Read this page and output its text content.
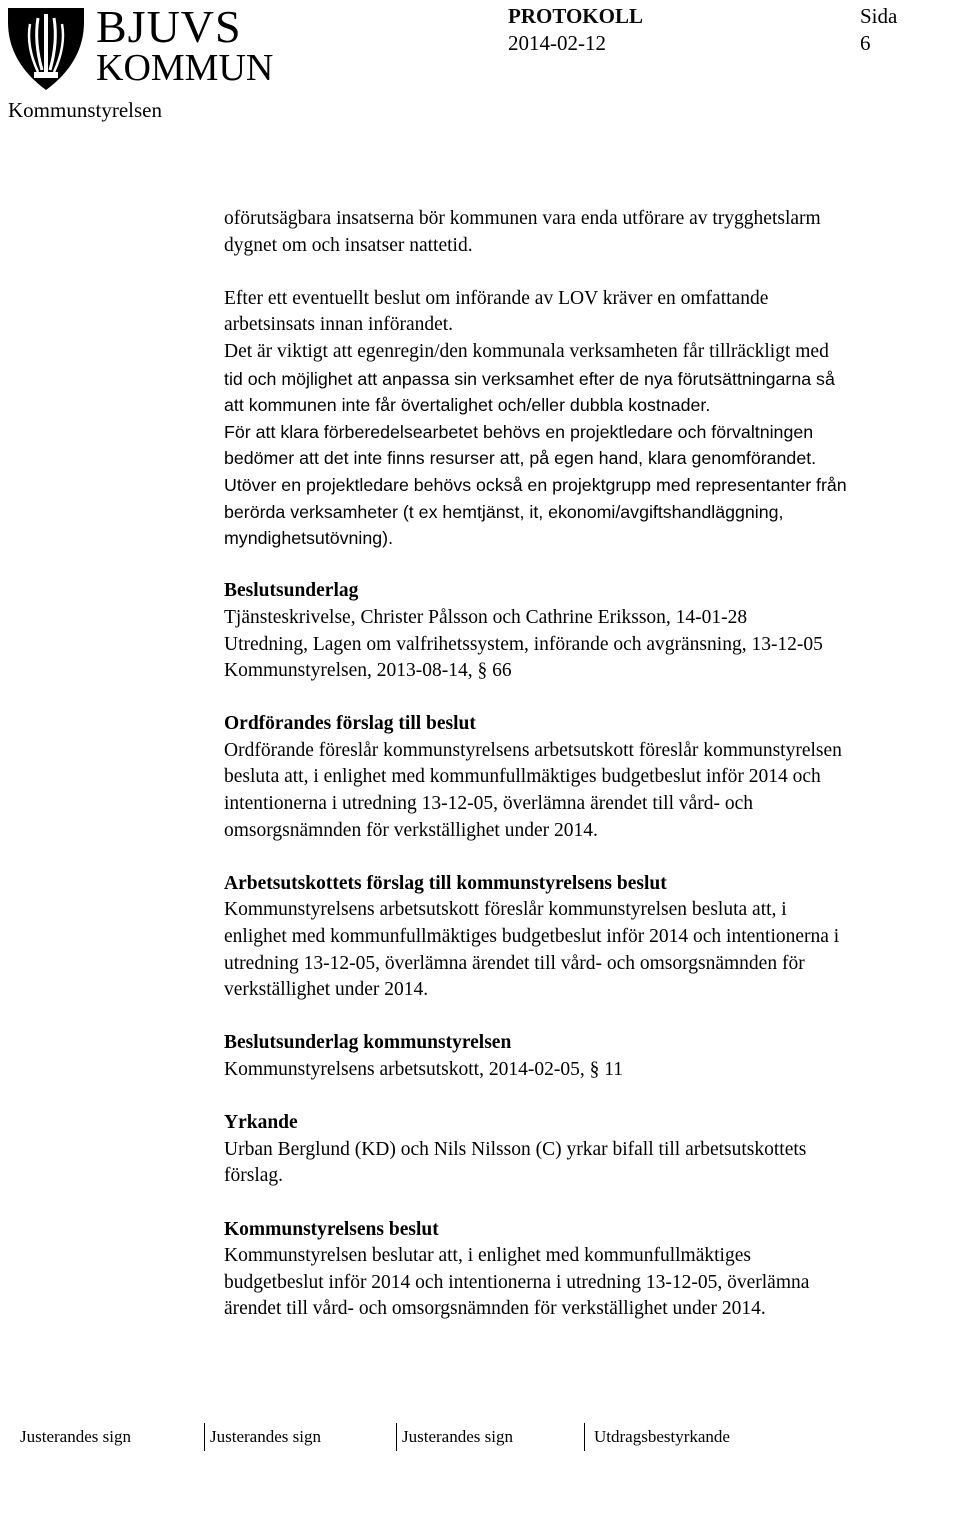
BJUVS
KOMMUN
PROTOKOLL	Sida
2014-02-12	6
Kommunstyrelsen

oförutsägbara insatserna bör kommunen vara enda utförare av trygghetslarm

dygnet om och insatser nattetid.

Efter ett eventuellt beslut om införande av LOV kräver en omfattande

arbetsinsats innan införandet.

Det är viktigt att egenregin/den kommunala verksamheten får tillräckligt med

tid och möjlighet att anpassa sin verksamhet efter de nya förutsättningarna så

att kommunen inte får övertalighet och/eller dubbla kostnader.

För att klara förberedelsearbetet behövs en projektledare och förvaltningen

bedömer att det inte finns resurser att, på egen hand, klara genomförandet.

Utöver en projektledare behövs också en projektgrupp med representanter från

berörda verksamheter (t ex hemtjänst, it, ekonomi/avgiftshandläggning,

myndighetsutövning).

Beslutsunderlag

Tjänsteskrivelse, Christer Pålsson och Cathrine Eriksson, 14-01-28

Utredning, Lagen om valfrihetssystem, införande och avgränsning, 13-12-05

Kommunstyrelsen, 2013-08-14, § 66

Ordförandes förslag till beslut

Ordförande föreslår kommunstyrelsens arbetsutskott föreslår kommunstyrelsen

besluta att, i enlighet med kommunfullmäktiges budgetbeslut inför 2014 och

intentionerna i utredning 13-12-05, överlämna ärendet till vård- och

omsorgsnämnden för verkställighet under 2014.

Arbetsutskottets förslag till kommunstyrelsens beslut

Kommunstyrelsens arbetsutskott föreslår kommunstyrelsen besluta att, i

enlighet med kommunfullmäktiges budgetbeslut inför 2014 och intentionerna i

utredning 13-12-05, överlämna ärendet till vård- och omsorgsnämnden för

verkställighet under 2014.

Beslutsunderlag kommunstyrelsen

Kommunstyrelsens arbetsutskott, 2014-02-05, § 11

Yrkande

Urban Berglund (KD) och Nils Nilsson (C) yrkar bifall till arbetsutskottets

förslag.

Kommunstyrelsens beslut

Kommunstyrelsen beslutar att, i enlighet med kommunfullmäktiges

budgetbeslut inför 2014 och intentionerna i utredning 13-12-05, överlämna

ärendet till vård- och omsorgsnämnden för verkställighet under 2014.

Justerandes sign	Justerandes sign	Justerandes sign	Utdragsbestyrkande
